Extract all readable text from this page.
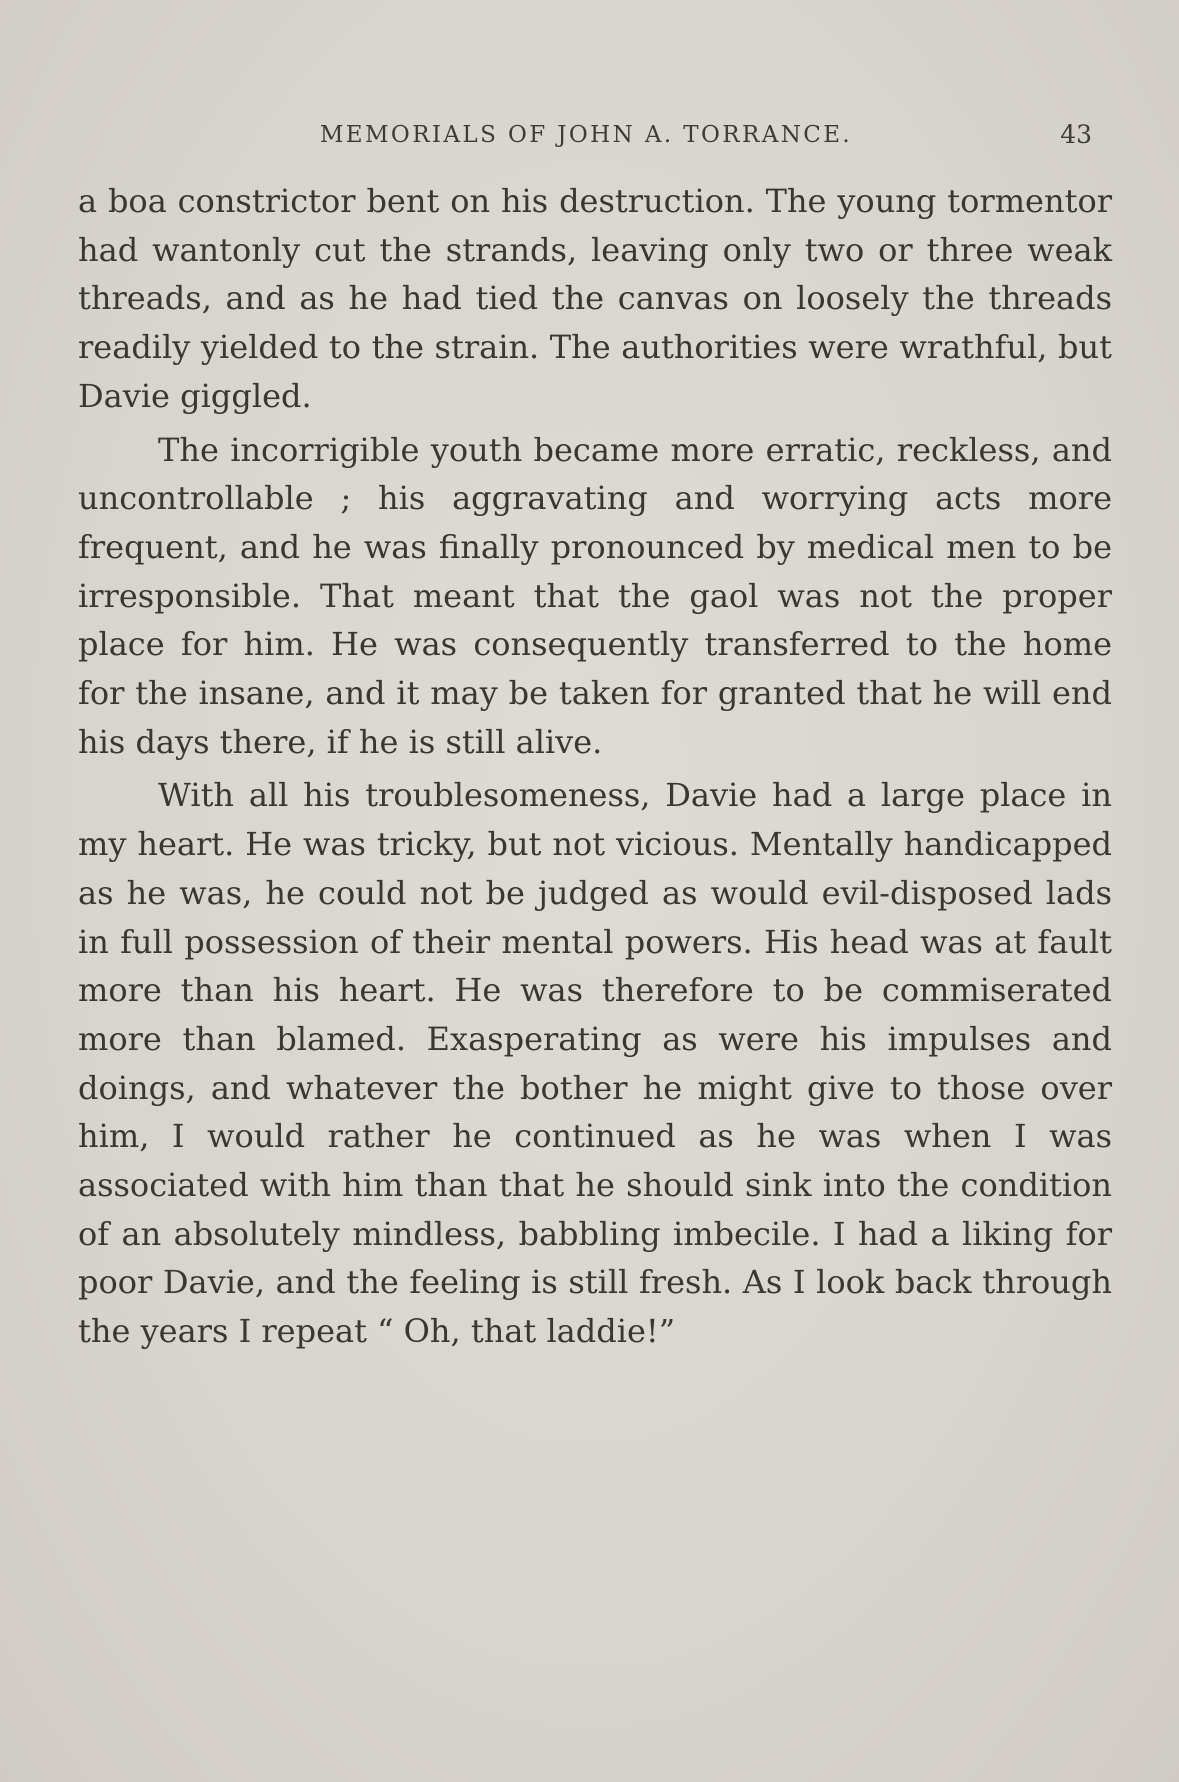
MEMORIALS OF JOHN A. TORRANCE.	43

a boa constrictor bent on his destruction. The young tormentor had wantonly cut the strands, leaving only two or three weak threads, and as he had tied the canvas on loosely the threads readily yielded to the strain. The authorities were wrathful, but Davie giggled.

The incorrigible youth became more erratic, reckless, and uncontrollable ; his aggravating and worrying acts more frequent, and he was finally pronounced by medical men to be irresponsible. That meant that the gaol was not the proper place for him. He was consequently transferred to the home for the insane, and it may be taken for granted that he will end his days there, if he is still alive.

With all his troublesomeness, Davie had a large place in my heart. He was tricky, but not vicious. Mentally handicapped as he was, he could not be judged as would evil-disposed lads in full possession of their mental powers. His head was at fault more than his heart. He was therefore to be commiserated more than blamed. Exasperating as were his impulses and doings, and whatever the bother he might give to those over him, I would rather he continued as he was when I was associated with him than that he should sink into the condition of an absolutely mindless, babbling imbecile. I had a liking for poor Davie, and the feeling is still fresh. As I look back through the years I repeat “ Oh, that laddie!”
